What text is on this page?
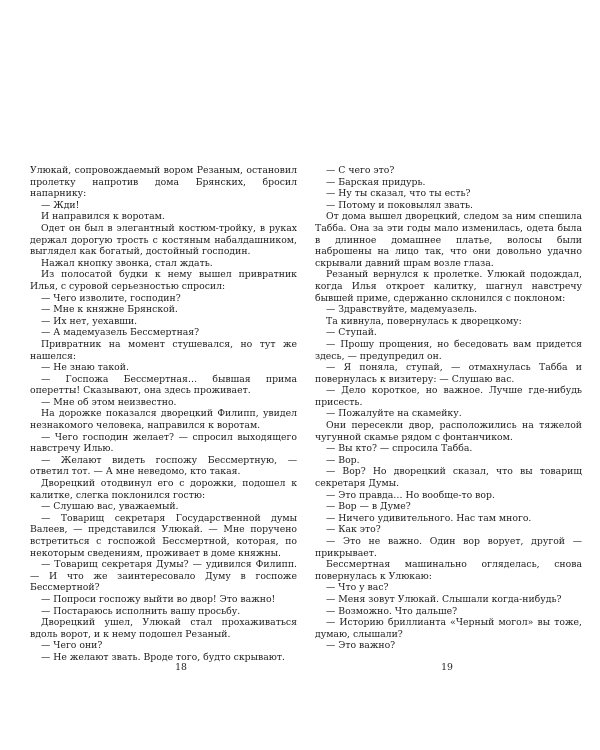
Улюкай, сопровождаемый вором Резаным, остановил пролетку напротив дома Брянских, бросил напарнику:

— Жди!

И направился к воротам.

Одет он был в элегантный костюм-тройку, в руках держал дорогую трость с костяным набалдашником, выглядел как богатый, достойный господин.

Нажал кнопку звонка, стал ждать.

Из полосатой будки к нему вышел привратник Илья, с суровой серьезностью спросил:

— Чего изволите, господин?

— Мне к княжне Брянской.

— Их нет, уехавши.

— А мадемуазель Бессмертная?

Привратник на момент стушевался, но тут же нашелся:

— Не знаю такой.

— Госпожа Бессмертная… бывшая прима оперетты! Сказывают, она здесь проживает.

— Мне об этом неизвестно.

На дорожке показался дворецкий Филипп, увидел незнакомого человека, направился к воротам.

— Чего господин желает? — спросил выходящего навстречу Илью.

— Желают видеть госпожу Бессмертную, — ответил тот. — А мне неведомо, кто такая.

Дворецкий отодвинул его с дорожки, подошел к калитке, слегка поклонился гостю:

— Слушаю вас, уважаемый.

— Товарищ секретаря Государственной думы Валеев, — представился Улюкай. — Мне поручено встретиться с госпожой Бессмертной, которая, по некоторым сведениям, проживает в доме княжны.

— Товарищ секретаря Думы? — удивился Филипп. — И что же заинтересовало Думу в госпоже Бессмертной?

— Попроси госпожу выйти во двор! Это важно!

— Постараюсь исполнить вашу просьбу.

Дворецкий ушел, Улюкай стал прохаживаться вдоль ворот, и к нему подошел Резаный.

— Чего они?

— Не желают звать. Вроде того, будто скрывают.

18

— С чего это?

— Барская придурь.

— Ну ты сказал, что ты есть?

— Потому и поковылял звать.

От дома вышел дворецкий, следом за ним спешила Табба. Она за эти годы мало изменилась, одета была в длинное домашнее платье, волосы были наброшены на лицо так, что они довольно удачно скрывали давний шрам возле глаза.

Резаный вернулся к пролетке. Улюкай подождал, когда Илья откроет калитку, шагнул навстречу бывшей приме, сдержанно склонился с поклоном:

— Здравствуйте, мадемуазель.

Та кивнула, повернулась к дворецкому:

— Ступай.

— Прошу прощения, но беседовать вам придется здесь, — предупредил он.

— Я поняла, ступай, — отмахнулась Табба и повернулась к визитеру: — Слушаю вас.

— Дело короткое, но важное. Лучше где-нибудь присесть.

— Пожалуйте на скамейку.

Они пересекли двор, расположились на тяжелой чугунной скамье рядом с фонтанчиком.

— Вы кто? — спросила Табба.

— Вор.

— Вор? Но дворецкий сказал, что вы товарищ секретаря Думы.

— Это правда… Но вообще-то вор.

— Вор — в Думе?

— Ничего удивительного. Нас там много.

— Как это?

— Это не важно. Один вор ворует, другой — прикрывает.

Бессмертная машинально огляделась, снова повернулась к Улюкаю:

— Что у вас?

— Меня зовут Улюкай. Слышали когда-нибудь?

— Возможно. Что дальше?

— Историю бриллианта «Черный могол» вы тоже, думаю, слышали?

— Это важно?

19
